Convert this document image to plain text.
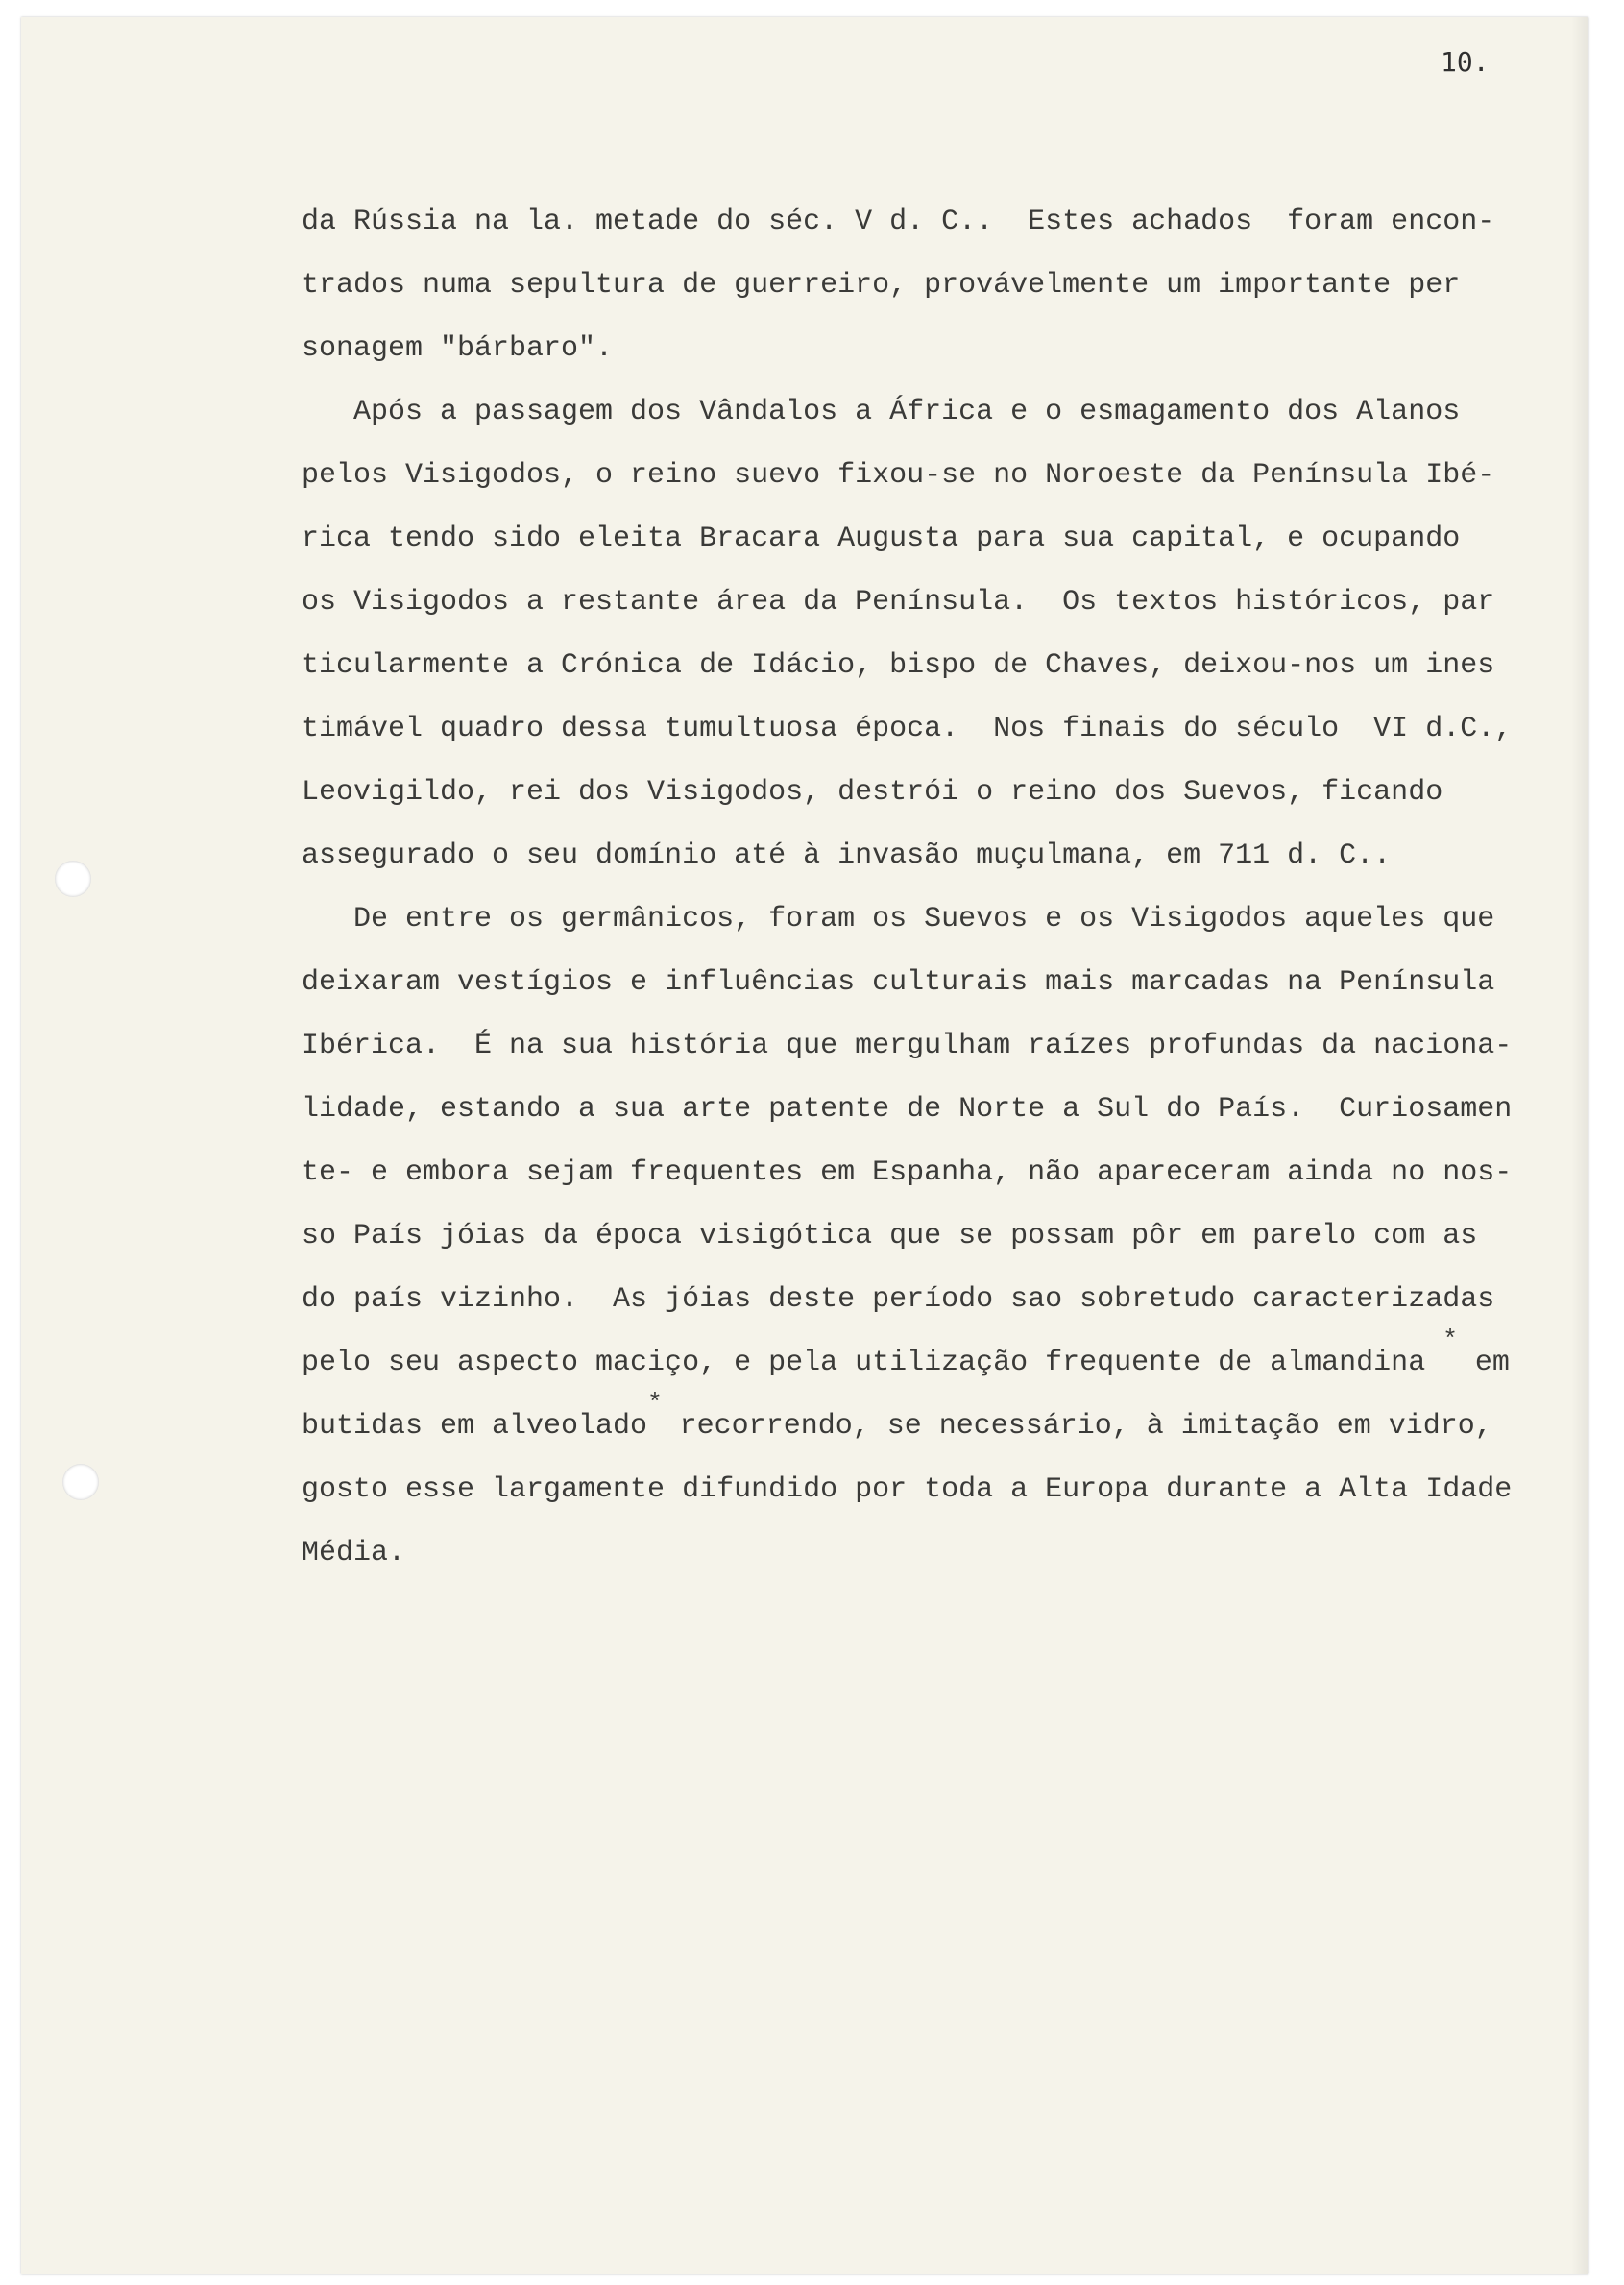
10.
da Rússia na la. metade do séc. V d. C..  Estes achados  foram encon-
trados numa sepultura de guerreiro, provávelmente um importante per
sonagem "bárbaro".
Após a passagem dos Vândalos a África e o esmagamento dos Alanos
pelos Visigodos, o reino suevo fixou-se no Noroeste da Península Ibé-
rica tendo sido eleita Bracara Augusta para sua capital, e ocupando
os Visigodos a restante área da Península.  Os textos históricos, par
ticularmente a Crónica de Idácio, bispo de Chaves, deixou-nos um ines
timável quadro dessa tumultuosa época.  Nos finais do século  VI d.C.,
Leovigildo, rei dos Visigodos, destrói o reino dos Suevos, ficando
assegurado o seu domínio até à invasão muçulmana, em 711 d. C..
De entre os germânicos, foram os Suevos e os Visigodos aqueles que
deixaram vestígios e influências culturais mais marcadas na Península
Ibérica.  É na sua história que mergulham raízes profundas da naciona-
lidade, estando a sua arte patente de Norte a Sul do País.  Curiosamen
te- e embora sejam frequentes em Espanha, não apareceram ainda no nos-
so País jóias da época visigótica que se possam pôr em parelo com as
do país vizinho.  As jóias deste período sao sobretudo caracterizadas
pelo seu aspecto maciço, e pela utilização frequente de almandina * em
butidas em alveolado* recorrendo, se necessário, à imitação em vidro,
gosto esse largamente difundido por toda a Europa durante a Alta Idade
Média.
